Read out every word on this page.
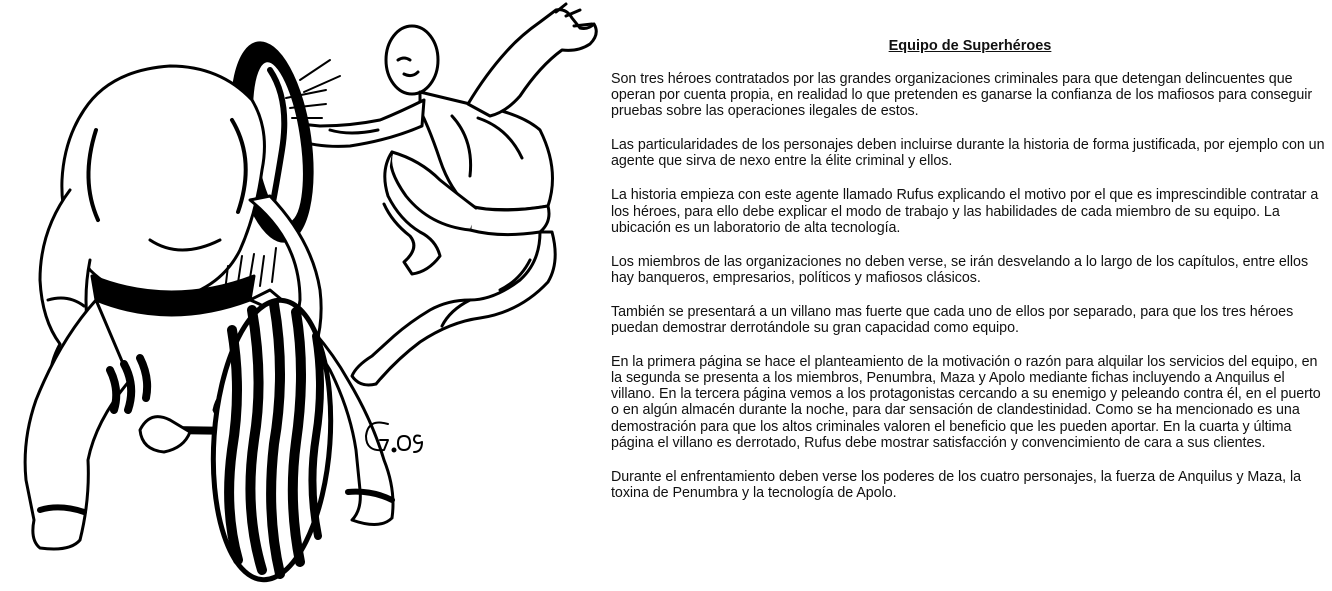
Equipo de Superhéroes

Son tres héroes contratados por las grandes organizaciones criminales para que detengan delincuentes que operan por cuenta propia, en realidad lo que pretenden es ganarse la confianza de los mafiosos para conseguir pruebas sobre las operaciones ilegales de estos.

Las particularidades de los personajes deben incluirse durante la historia de forma justificada, por ejemplo con un agente que sirva de nexo entre la élite criminal y ellos.

La historia empieza con este agente llamado Rufus explicando el motivo por el que es imprescindible contratar a los héroes, para ello debe explicar el modo de trabajo y las habilidades de cada miembro de su equipo. La ubicación es un laboratorio de alta tecnología.

Los miembros de las organizaciones no deben verse, se irán desvelando a lo largo de los capítulos, entre ellos hay banqueros, empresarios, políticos y mafiosos clásicos.

También se presentará a un villano mas fuerte que cada uno de ellos por separado, para que los tres héroes puedan demostrar derrotándole su gran capacidad como equipo.

En la primera página se hace el planteamiento de la motivación o razón para alquilar los servicios del equipo, en la segunda se presenta a los miembros, Penumbra, Maza y Apolo mediante fichas incluyendo a Anquilus el villano. En la tercera página vemos a los protagonistas cercando a su enemigo y peleando contra él, en el puerto o en algún almacén durante la noche, para dar sensación de clandestinidad. Como se ha mencionado es una demostración para que los altos criminales valoren el beneficio que les pueden aportar. En la cuarta y última página el villano es derrotado, Rufus debe mostrar satisfacción y convencimiento de cara a sus clientes.

Durante el enfrentamiento deben verse los poderes de los cuatro personajes, la fuerza de Anquilus y Maza, la toxina de Penumbra y la tecnología de Apolo.
